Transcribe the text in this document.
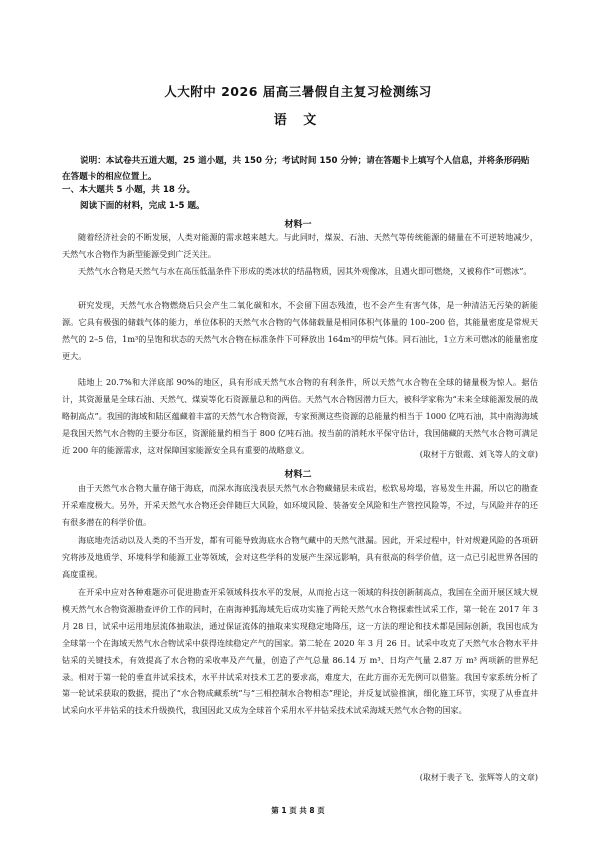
人大附中 2026 届高三暑假自主复习检测练习
语 文
说明：本试卷共五道大题，25 道小题，共 150 分；考试时间 150 分钟；请在答题卡上填写个人信息，并将条形码贴在答题卡的相应位置上。
一、本大题共 5 小题，共 18 分。
阅读下面的材料，完成 1-5 题。
材料一
随着经济社会的不断发展，人类对能源的需求越来越大。与此同时，煤炭、石油、天然气等传统能源的储量在不可逆转地减少，天然气水合物作为新型能源受到广泛关注。
天然气水合物是天然气与水在高压低温条件下形成的类冰状的结晶物质，因其外观像冰，且遇火即可燃烧，又被称作“可燃冰”。
研究发现，天然气水合物燃烧后只会产生二氧化碳和水，不会留下固态残渣，也不会产生有害气体，是一种清洁无污染的新能源。它具有极强的储载气体的能力，单位体积的天然气水合物的气体储载量是相同体积气体量的 100–200 倍，其能量密度是常规天然气的 2–5 倍，1m³的呈饱和状态的天然气水合物在标准条件下可释放出 164m³的甲烷气体。同石油比，1立方米可燃冰的能量密度更大。
陆地上 20.7%和大洋底部 90%的地区，具有形成天然气水合物的有利条件，所以天然气水合物在全球的储量极为惊人。据估计，其资源量是全球石油、天然气、煤炭等化石资源量总和的两倍。天然气水合物因潜力巨大，被科学家称为“未来全球能源发展的战略制高点”。我国的海域和陆区蕴藏着丰富的天然气水合物资源，专家预测这些资源的总能量约相当于 1000 亿吨石油，其中南海海域是我国天然气水合物的主要分布区，资源能量约相当于 800 亿吨石油。按当前的消耗水平保守估计，我国储藏的天然气水合物可满足近 200 年的能源需求，这对保障国家能源安全具有重要的战略意义。	(取材于方银霞、刘飞等人的文章)
材料二
由于天然气水合物大量存储于海底，而深水海底浅表层天然气水合物藏储层未成岩，松软易垮塌，容易发生井漏，所以它的勘查开采难度极大。另外，开采天然气水合物还会伴随巨大风险，如环境风险、装备安全风险和生产管控风险等，不过，与风险并存的还有很多潜在的科学价值。
海底地壳活动以及人类的不当开发，都有可能导致海底水合物气藏中的天然气泄漏。因此，开采过程中，针对规避风险的各项研究将涉及地质学、环境科学和能源工业等领域，会对这些学科的发展产生深远影响，具有很高的科学价值，这一点已引起世界各国的高度重视。
在开采中应对各种难题亦可促进勘查开采领域科技水平的发展，从而抢占这一领域的科技创新制高点，我国在全面开展区域大规模天然气水合物资源勘查评价工作的同时，在南海神狐海域先后成功实施了两轮天然气水合物探索性试采工作，第一轮在 2017 年 3 月 28 日，试采中运用地层流体抽取法，通过保证流体的抽取来实现稳定地降压，这一方法的理论和技术都是国际创新，我国也成为全球第一个在海域天然气水合物试采中获得连续稳定产气的国家。第二轮在 2020 年 3 月 26 日。试采中攻克了天然气水合物水平井钻采的关键技术，有效提高了水合物的采收率及产气量，创造了产气总量 86.14 万 m³、日均产气量 2.87 万 m³ 两项新的世界纪录。相对于第一轮的垂直井试采技术，水平井试采对技术工艺的要求高，难度大，在此方面亦无先例可以借鉴。我国专家系统分析了第一轮试采获取的数据，提出了“水合物成藏系统”与“三相控制水合物相态”理论，并反复试验推演，细化施工环节，实现了从垂直井试采向水平井钻采的技术升级换代，我国因此又成为全球首个采用水平井钻采技术试采海域天然气水合物的国家。
(取材于裴子飞、张辉等人的文章)
第 1 页 共 8 页
